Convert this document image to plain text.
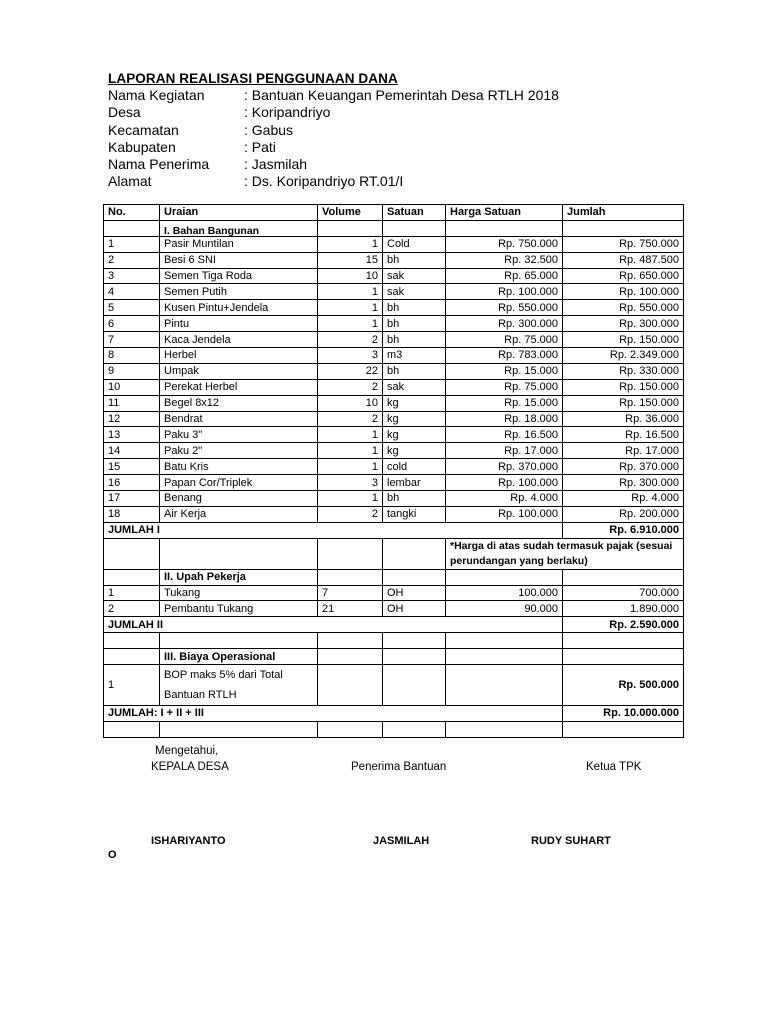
LAPORAN REALISASI PENGGUNAAN DANA
Nama Kegiatan	: Bantuan Keuangan Pemerintah Desa RTLH 2018
Desa	: Koripandriyo
Kecamatan	: Gabus
Kabupaten	: Pati
Nama Penerima	: Jasmilah
Alamat	: Ds. Koripandriyo RT.01/I
No.	Uraian	Volume	Satuan	Harga Satuan	Jumlah
	I. Bahan Bangunan				
1	Pasir Muntilan	1	Cold	Rp. 750.000	Rp. 750.000
2	Besi 6 SNI	15	bh	Rp. 32.500	Rp. 487.500
3	Semen Tiga Roda	10	sak	Rp. 65.000	Rp. 650.000
4	Semen Putih	1	sak	Rp. 100.000	Rp. 100.000
5	Kusen Pintu+Jendela	1	bh	Rp. 550.000	Rp. 550.000
6	Pintu	1	bh	Rp. 300.000	Rp. 300.000
7	Kaca Jendela	2	bh	Rp. 75.000	Rp. 150.000
8	Herbel	3	m3	Rp. 783.000	Rp. 2.349.000
9	Umpak	22	bh	Rp. 15.000	Rp. 330.000
10	Perekat Herbel	2	sak	Rp. 75.000	Rp. 150.000
11	Begel 8x12	10	kg	Rp. 15.000	Rp. 150.000
12	Bendrat	2	kg	Rp. 18.000	Rp. 36.000
13	Paku 3"	1	kg	Rp. 16.500	Rp. 16.500
14	Paku 2"	1	kg	Rp. 17.000	Rp. 17.000
15	Batu Kris	1	cold	Rp. 370.000	Rp. 370.000
16	Papan Cor/Triplek	3	lembar	Rp. 100.000	Rp. 300.000
17	Benang	1	bh	Rp. 4.000	Rp. 4.000
18	Air Kerja	2	tangki	Rp. 100.000	Rp. 200.000
JUMLAH I					Rp. 6.910.000
				*Harga di atas sudah termasuk pajak (sesuai perundangan yang berlaku)	
	II. Upah Pekerja				
1	Tukang	7	OH	100.000	700.000
2	Pembantu Tukang	21	OH	90.000	1.890.000
JUMLAH II					Rp. 2.590.000

	III. Biaya Operasional				
1	BOP maks 5% dari Total Bantuan RTLH				Rp. 500.000
JUMLAH: I + II + III					Rp. 10.000.000

Mengetahui,
KEPALA DESA	Penerima Bantuan	Ketua TPK
ISHARIYANTO	JASMILAH	RUDY SUHART
O
